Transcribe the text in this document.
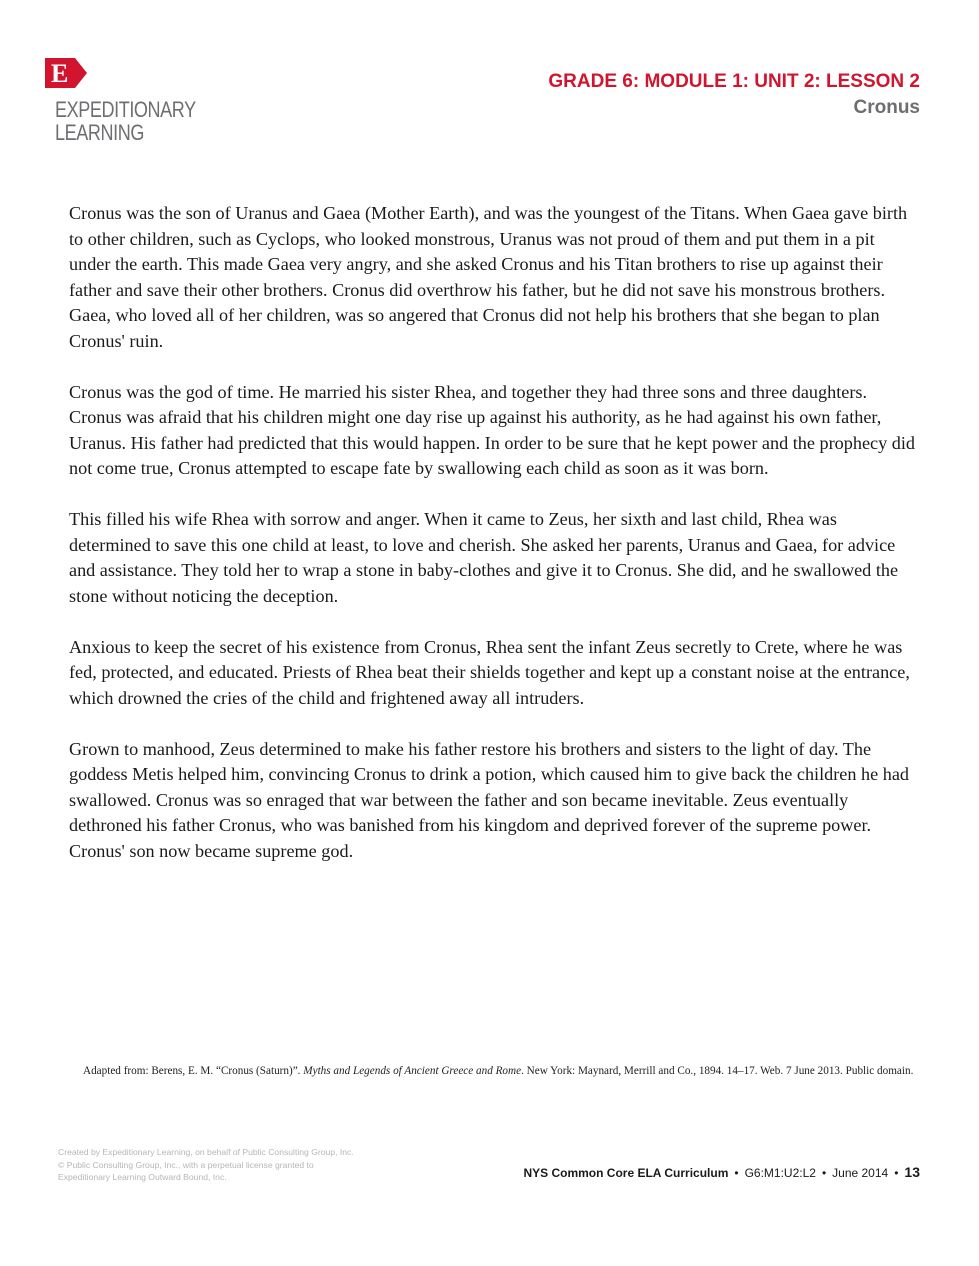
E
EXPEDITIONARY
LEARNING
GRADE 6: MODULE 1: UNIT 2: LESSON 2
Cronus

Cronus was the son of Uranus and Gaea (Mother Earth), and was the youngest of the Titans. When Gaea gave birth to other children, such as Cyclops, who looked monstrous, Uranus was not proud of them and put them in a pit under the earth. This made Gaea very angry, and she asked Cronus and his Titan brothers to rise up against their father and save their other brothers. Cronus did overthrow his father, but he did not save his monstrous brothers. Gaea, who loved all of her children, was so angered that Cronus did not help his brothers that she began to plan Cronus' ruin.

Cronus was the god of time. He married his sister Rhea, and together they had three sons and three daughters. Cronus was afraid that his children might one day rise up against his authority, as he had against his own father, Uranus. His father had predicted that this would happen. In order to be sure that he kept power and the prophecy did not come true, Cronus attempted to escape fate by swallowing each child as soon as it was born.

This filled his wife Rhea with sorrow and anger. When it came to Zeus, her sixth and last child, Rhea was determined to save this one child at least, to love and cherish. She asked her parents, Uranus and Gaea, for advice and assistance. They told her to wrap a stone in baby-clothes and give it to Cronus. She did, and he swallowed the stone without noticing the deception.

Anxious to keep the secret of his existence from Cronus, Rhea sent the infant Zeus secretly to Crete, where he was fed, protected, and educated. Priests of Rhea beat their shields together and kept up a constant noise at the entrance, which drowned the cries of the child and frightened away all intruders.

Grown to manhood, Zeus determined to make his father restore his brothers and sisters to the light of day. The goddess Metis helped him, convincing Cronus to drink a potion, which caused him to give back the children he had swallowed. Cronus was so enraged that war between the father and son became inevitable. Zeus eventually dethroned his father Cronus, who was banished from his kingdom and deprived forever of the supreme power. Cronus' son now became supreme god.

Adapted from: Berens, E. M. “Cronus (Saturn)”. Myths and Legends of Ancient Greece and Rome. New York: Maynard, Merrill and Co., 1894. 14–17. Web. 7 June 2013. Public domain.
Created by Expeditionary Learning, on behalf of Public Consulting Group, Inc.
© Public Consulting Group, Inc., with a perpetual license granted to
Expeditionary Learning Outward Bound, Inc.	NYS Common Core ELA Curriculum • G6:M1:U2:L2 • June 2014 • 13
